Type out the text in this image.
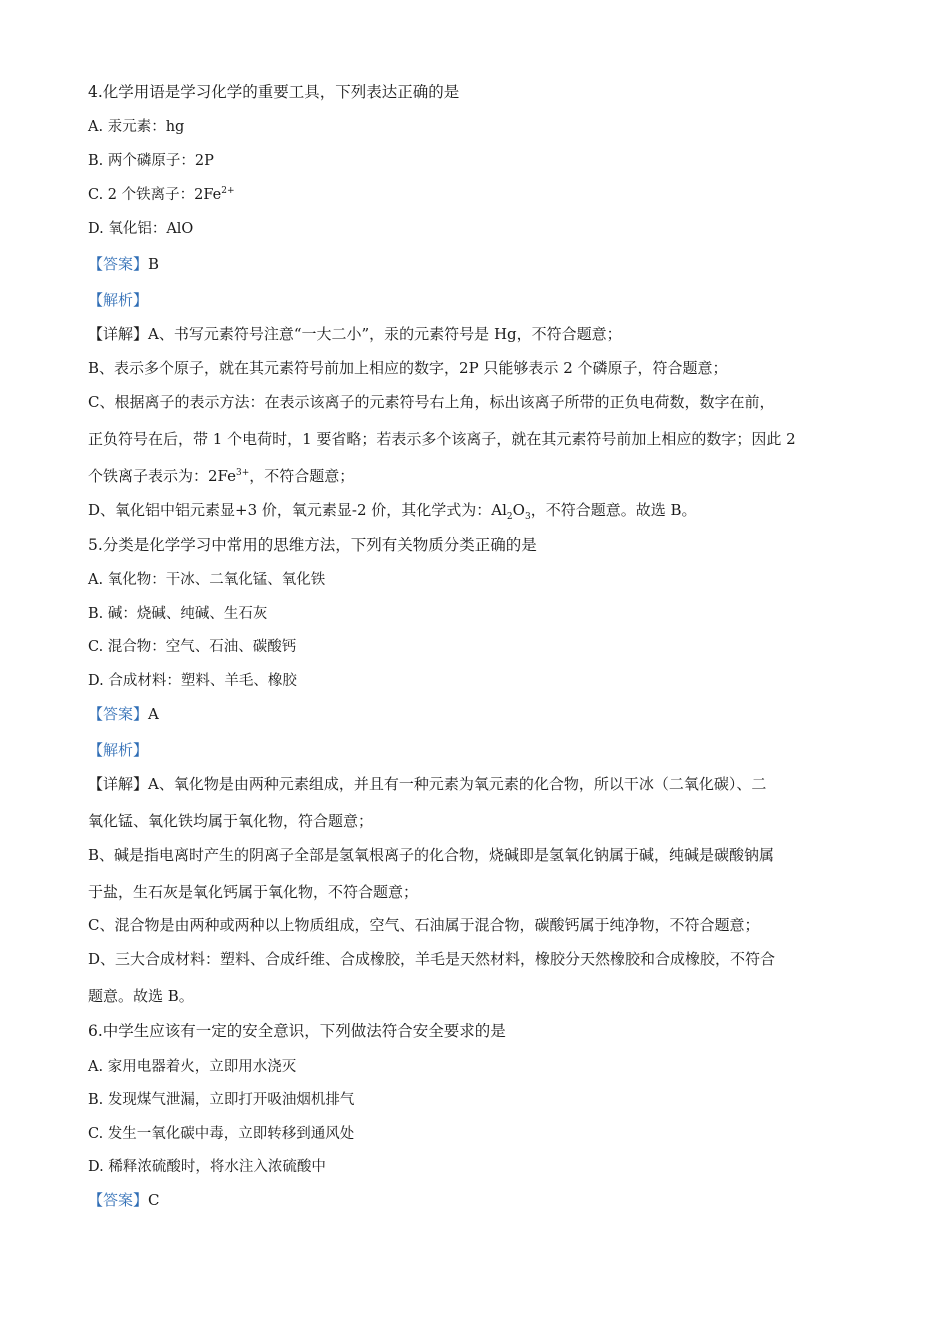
4.化学用语是学习化学的重要工具，下列表达正确的是
A. 汞元素：hg
B. 两个磷原子：2P
C. 2 个铁离子：$2Fe^{2+}$
D. 氧化铝：AlO
【答案】B
【解析】
【详解】A、书写元素符号注意“一大二小”，汞的元素符号是 Hg，不符合题意；
B、表示多个原子，就在其元素符号前加上相应的数字，2P 只能够表示 2 个磷原子，符合题意；
C、根据离子的表示方法：在表示该离子的元素符号右上角，标出该离子所带的正负电荷数，数字在前，
正负符号在后，带 1 个电荷时，1 要省略；若表示多个该离子，就在其元素符号前加上相应的数字；因此 2
个铁离子表示为：$2Fe^{3+}$，不符合题意；
D、氧化铝中铝元素显+3 价，氧元素显-2 价，其化学式为：$Al_2O_3$，不符合题意。故选 B。
5.分类是化学学习中常用的思维方法，下列有关物质分类正确的是
A. 氧化物：干冰、二氧化锰、氧化铁
B. 碱：烧碱、纯碱、生石灰
C. 混合物：空气、石油、碳酸钙
D. 合成材料：塑料、羊毛、橡胶
【答案】A
【解析】
【详解】A、氧化物是由两种元素组成，并且有一种元素为氧元素的化合物，所以干冰（二氧化碳）、二
氧化锰、氧化铁均属于氧化物，符合题意；
B、碱是指电离时产生的阴离子全部是氢氧根离子的化合物，烧碱即是氢氧化钠属于碱，纯碱是碳酸钠属
于盐，生石灰是氧化钙属于氧化物，不符合题意；
C、混合物是由两种或两种以上物质组成，空气、石油属于混合物，碳酸钙属于纯净物，不符合题意；
D、三大合成材料：塑料、合成纤维、合成橡胶，羊毛是天然材料，橡胶分天然橡胶和合成橡胶，不符合
题意。故选 B。
6.中学生应该有一定的安全意识，下列做法符合安全要求的是
A. 家用电器着火，立即用水浇灭
B. 发现煤气泄漏，立即打开吸油烟机排气
C. 发生一氧化碳中毒，立即转移到通风处
D. 稀释浓硫酸时，将水注入浓硫酸中
【答案】C
